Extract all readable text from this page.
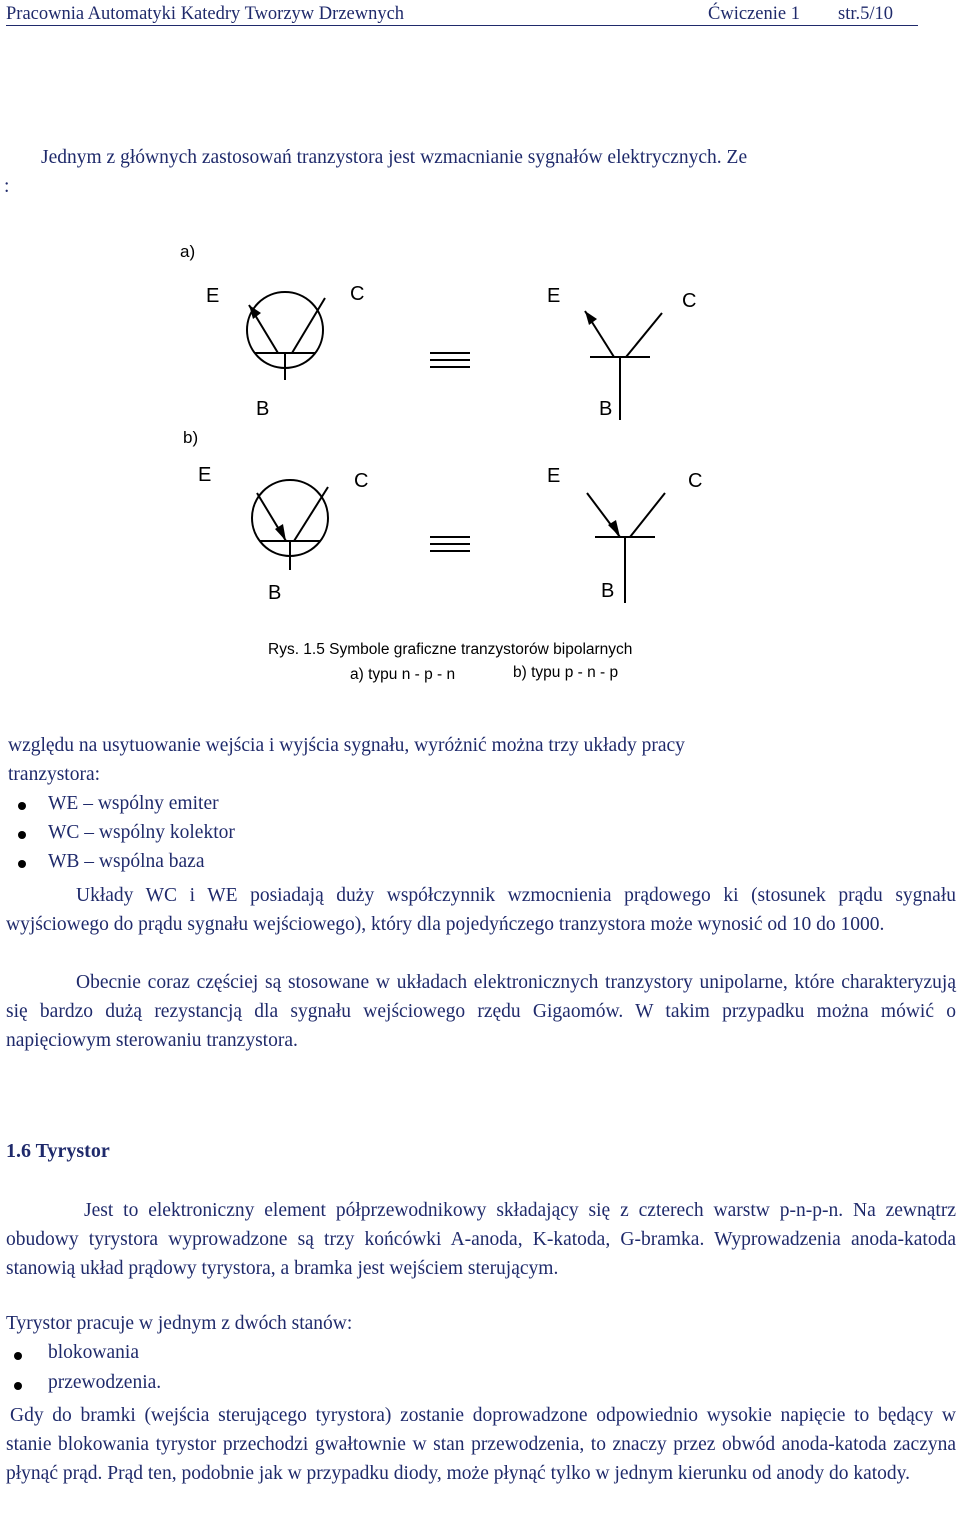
Pracownia Automatyki Katedry Tworzyw Drzewnych	Ćwiczenie 1 str.5/10
:
Jednym z głównych zastosowań tranzystora jest wzmacnianie sygnałów elektrycznych. Ze
a)
b)
E	C
B
E	C
B
E	C
B
E	C
B
Rys. 1.5 Symbole graficzne tranzystorów bipolarnych
a) typu n - p - n	b) typu p - n - p
względu na usytuowanie wejścia i wyjścia sygnału, wyróżnić można trzy układy pracy
tranzystora:
WE – wspólny emiter
WC – wspólny kolektor
WB – wspólna baza
Układy WC i WE posiadają duży współczynnik wzmocnienia prądowego ki (stosunek prądu sygnału wyjściowego do prądu sygnału wejściowego), który dla pojedyńczego tranzystora może wynosić od 10 do 1000.
Obecnie coraz częściej są stosowane w układach elektronicznych tranzystory unipolarne, które charakteryzują się bardzo dużą rezystancją dla sygnału wejściowego rzędu Gigaomów. W takim przypadku można mówić o napięciowym sterowaniu tranzystora.
1.6 Tyrystor
Jest to elektroniczny element półprzewodnikowy składający się z czterech warstw p-n-p-n. Na zewnątrz obudowy tyrystora wyprowadzone są trzy końcówki A-anoda, K-katoda, G-bramka. Wyprowadzenia anoda-katoda stanowią układ prądowy tyrystora, a bramka jest wejściem sterującym.
Tyrystor pracuje w jednym z dwóch stanów:
blokowania
przewodzenia.
Gdy do bramki (wejścia sterującego tyrystora) zostanie doprowadzone odpowiednio wysokie napięcie to będący w stanie blokowania tyrystor przechodzi gwałtownie w stan przewodzenia, to znaczy przez obwód anoda-katoda zaczyna płynąć prąd. Prąd ten, podobnie jak w przypadku diody, może płynąć tylko w jednym kierunku od anody do katody.
